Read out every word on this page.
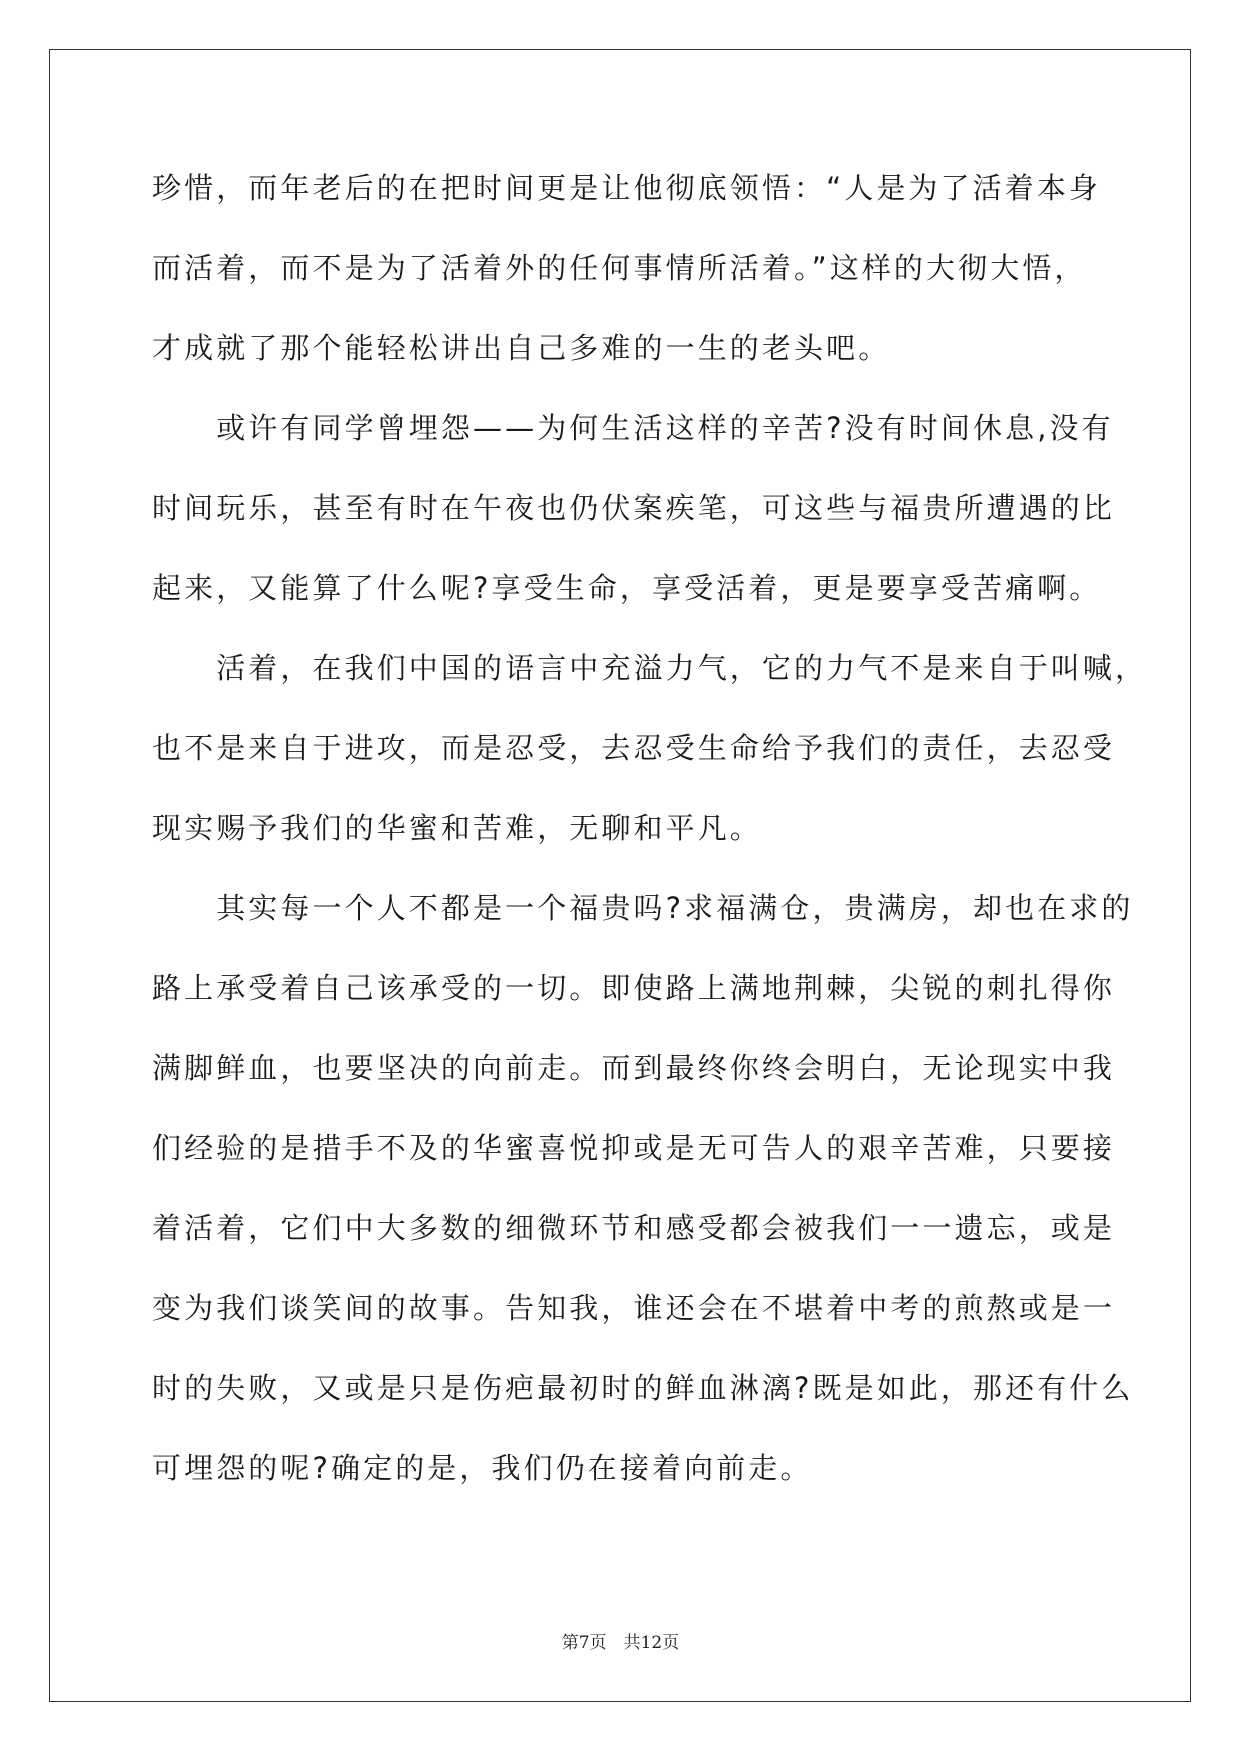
珍惜，而年老后的在把时间更是让他彻底领悟：“人是为了活着本身
而活着，而不是为了活着外的任何事情所活着。”这样的大彻大悟，
才成就了那个能轻松讲出自己多难的一生的老头吧。
　　或许有同学曾埋怨——为何生活这样的辛苦?没有时间休息,没有
时间玩乐，甚至有时在午夜也仍伏案疾笔，可这些与福贵所遭遇的比
起来，又能算了什么呢?享受生命，享受活着，更是要享受苦痛啊。
　　活着，在我们中国的语言中充溢力气，它的力气不是来自于叫喊，
也不是来自于进攻，而是忍受，去忍受生命给予我们的责任，去忍受
现实赐予我们的华蜜和苦难，无聊和平凡。
　　其实每一个人不都是一个福贵吗?求福满仓，贵满房，却也在求的
路上承受着自己该承受的一切。即使路上满地荆棘，尖锐的刺扎得你
满脚鲜血，也要坚决的向前走。而到最终你终会明白，无论现实中我
们经验的是措手不及的华蜜喜悦抑或是无可告人的艰辛苦难，只要接
着活着，它们中大多数的细微环节和感受都会被我们一一遗忘，或是
变为我们谈笑间的故事。告知我，谁还会在不堪着中考的煎熬或是一
时的失败，又或是只是伤疤最初时的鲜血淋漓?既是如此，那还有什么
可埋怨的呢?确定的是，我们仍在接着向前走。
第7页　共12页
